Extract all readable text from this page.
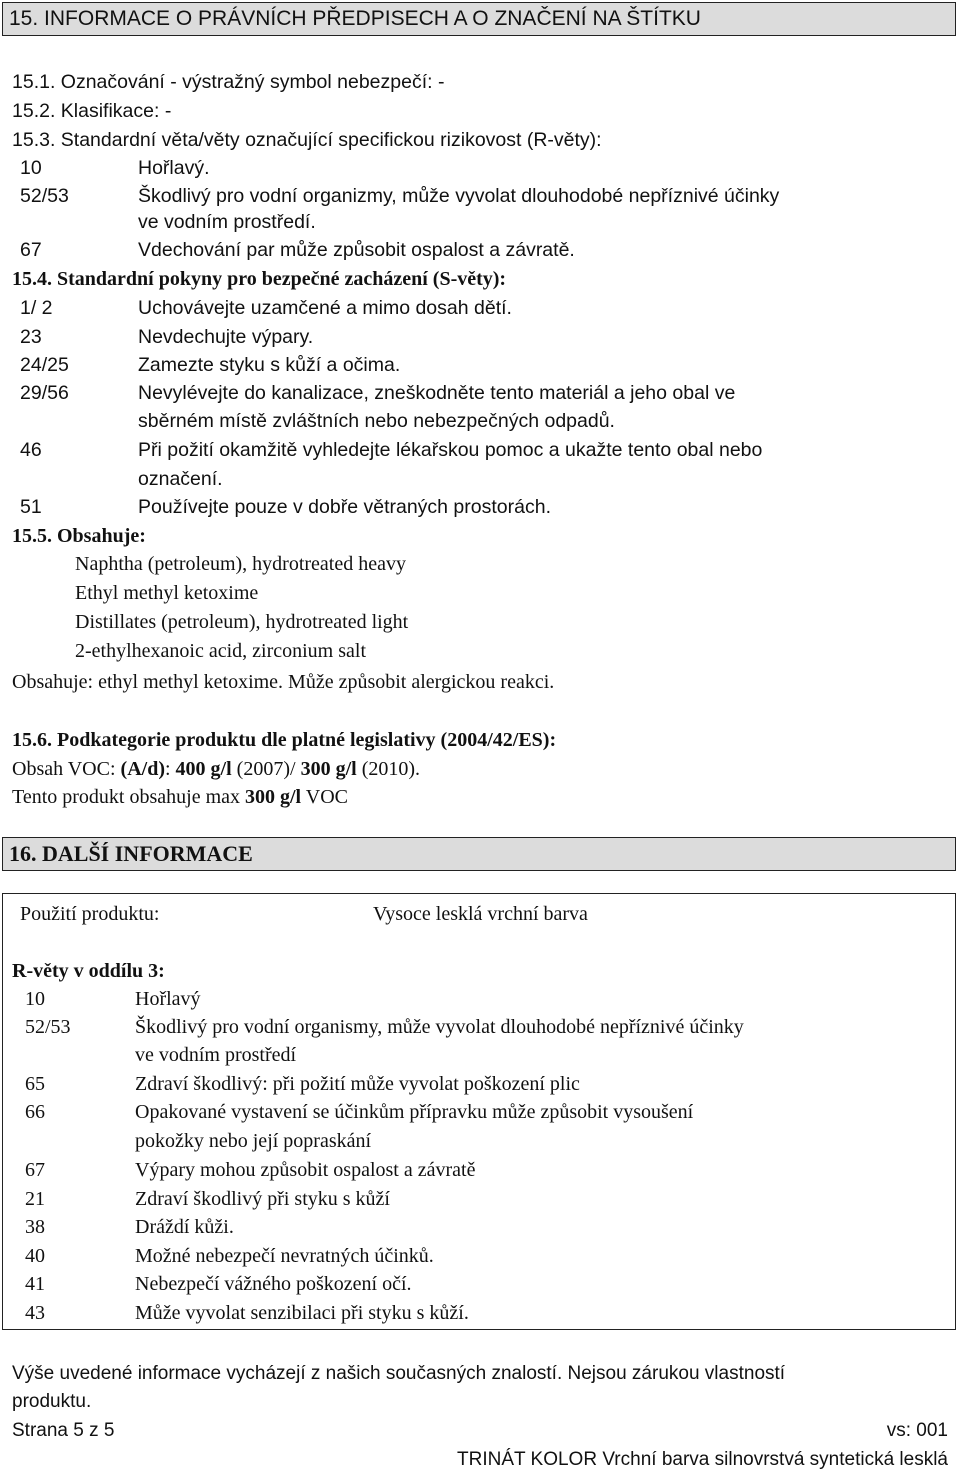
15. INFORMACE O PRÁVNÍCH PŘEDPISECH A O ZNAČENÍ NA ŠTÍTKU
15.1. Označování - výstražný symbol nebezpečí: -
15.2. Klasifikace: -
15.3. Standardní věta/věty označující specifickou rizikovost (R-věty):
10	Hořlavý.
52/53	Škodlivý pro vodní organizmy, může vyvolat dlouhodobé nepříznivé účinky
ve vodním prostředí.
67	Vdechování par může způsobit ospalost a závratě.
15.4. Standardní pokyny pro bezpečné zacházení (S-věty):
1/ 2	Uchovávejte uzamčené a mimo dosah dětí.
23	Nevdechujte výpary.
24/25	Zamezte styku s kůží a očima.
29/56	Nevylévejte do kanalizace, zneškodněte tento materiál a jeho obal ve
sběrném místě zvláštních nebo nebezpečných odpadů.
46	Při požití okamžitě vyhledejte lékařskou pomoc a ukažte tento obal nebo
označení.
51	Používejte pouze v dobře větraných prostorách.
15.5. Obsahuje:
Naphtha (petroleum), hydrotreated heavy
Ethyl methyl ketoxime
Distillates (petroleum), hydrotreated light
2-ethylhexanoic acid, zirconium salt
Obsahuje: ethyl methyl ketoxime. Může způsobit alergickou reakci.
15.6. Podkategorie produktu dle platné legislativy (2004/42/ES):
Obsah VOC: (A/d): 400 g/l (2007)/ 300 g/l (2010).
Tento produkt obsahuje max 300 g/l VOC
16. DALŠÍ INFORMACE
Použití produktu:	Vysoce lesklá vrchní barva
R-věty v oddílu 3:
10	Hořlavý
52/53	Škodlivý pro vodní organismy, může vyvolat dlouhodobé nepříznivé účinky
ve vodním prostředí
65	Zdraví škodlivý: při požití může vyvolat poškození plic
66	Opakované vystavení se účinkům přípravku může způsobit vysoušení
pokožky nebo její popraskání
67	Výpary mohou způsobit ospalost a závratě
21	Zdraví škodlivý při styku s kůží
38	Dráždí kůži.
40	Možné nebezpečí nevratných účinků.
41	Nebezpečí vážného poškození očí.
43	Může vyvolat senzibilaci při styku s kůží.
Výše uvedené informace vycházejí z našich současných znalostí. Nejsou zárukou vlastností
produktu.
Strana 5 z 5	vs: 001
TRINÁT KOLOR Vrchní barva silnovrstvá syntetická lesklá
